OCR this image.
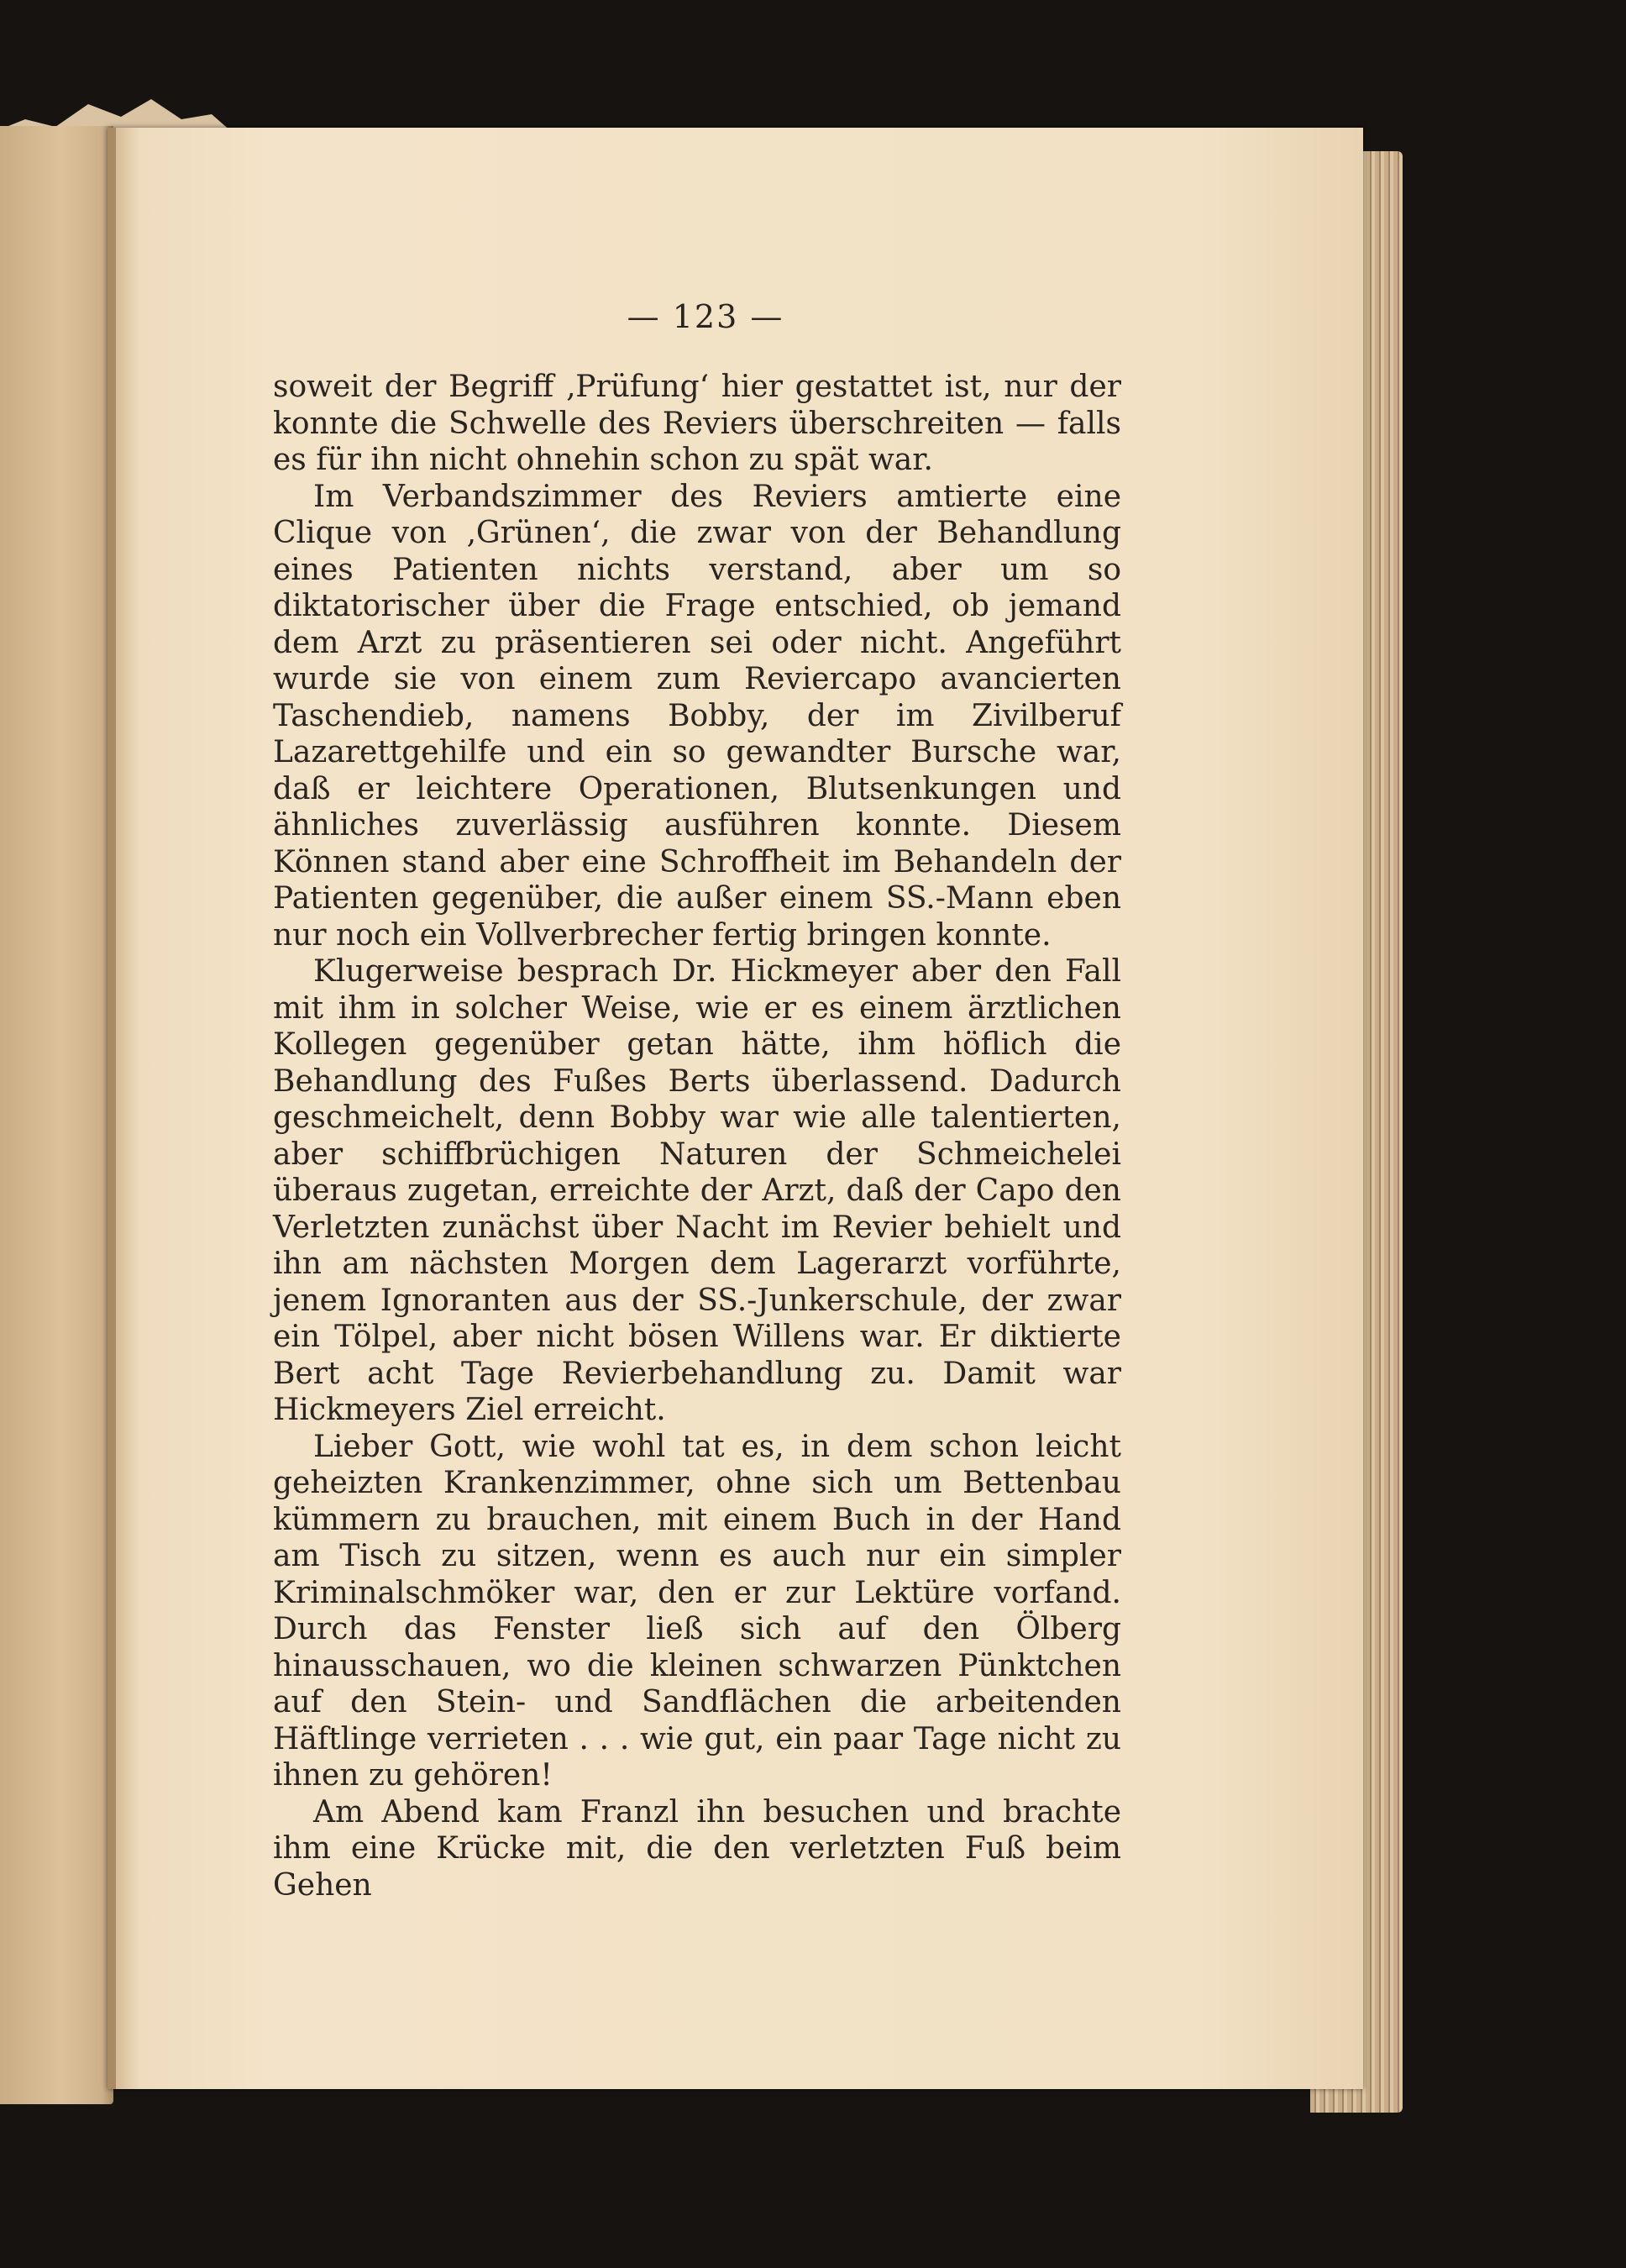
— 123 —

soweit der Begriff ‚Prüfung‘ hier gestattet ist, nur der konnte die Schwelle des Reviers überschreiten — falls es für ihn nicht ohnehin schon zu spät war.

Im Verbandszimmer des Reviers amtierte eine Clique von ‚Grünen‘, die zwar von der Behandlung eines Patienten nichts verstand, aber um so diktatorischer über die Frage entschied, ob jemand dem Arzt zu präsentieren sei oder nicht. Angeführt wurde sie von einem zum Reviercapo avancierten Taschendieb, namens Bobby, der im Zivilberuf Lazarettgehilfe und ein so gewandter Bursche war, daß er leichtere Operationen, Blutsenkungen und ähnliches zuverlässig ausführen konnte. Diesem Können stand aber eine Schroffheit im Behandeln der Patienten gegenüber, die außer einem SS.-Mann eben nur noch ein Vollverbrecher fertig bringen konnte.

Klugerweise besprach Dr. Hickmeyer aber den Fall mit ihm in solcher Weise, wie er es einem ärztlichen Kollegen gegenüber getan hätte, ihm höflich die Behandlung des Fußes Berts überlassend. Dadurch geschmeichelt, denn Bobby war wie alle talentierten, aber schiffbrüchigen Naturen der Schmeichelei überaus zugetan, erreichte der Arzt, daß der Capo den Verletzten zunächst über Nacht im Revier behielt und ihn am nächsten Morgen dem Lagerarzt vorführte, jenem Ignoranten aus der SS.-Junkerschule, der zwar ein Tölpel, aber nicht bösen Willens war. Er diktierte Bert acht Tage Revierbehandlung zu. Damit war Hickmeyers Ziel erreicht.

Lieber Gott, wie wohl tat es, in dem schon leicht geheizten Krankenzimmer, ohne sich um Bettenbau kümmern zu brauchen, mit einem Buch in der Hand am Tisch zu sitzen, wenn es auch nur ein simpler Kriminalschmöker war, den er zur Lektüre vorfand. Durch das Fenster ließ sich auf den Ölberg hinausschauen, wo die kleinen schwarzen Pünktchen auf den Stein- und Sandflächen die arbeitenden Häftlinge verrieten . . . wie gut, ein paar Tage nicht zu ihnen zu gehören!

Am Abend kam Franzl ihn besuchen und brachte ihm eine Krücke mit, die den verletzten Fuß beim Gehen
